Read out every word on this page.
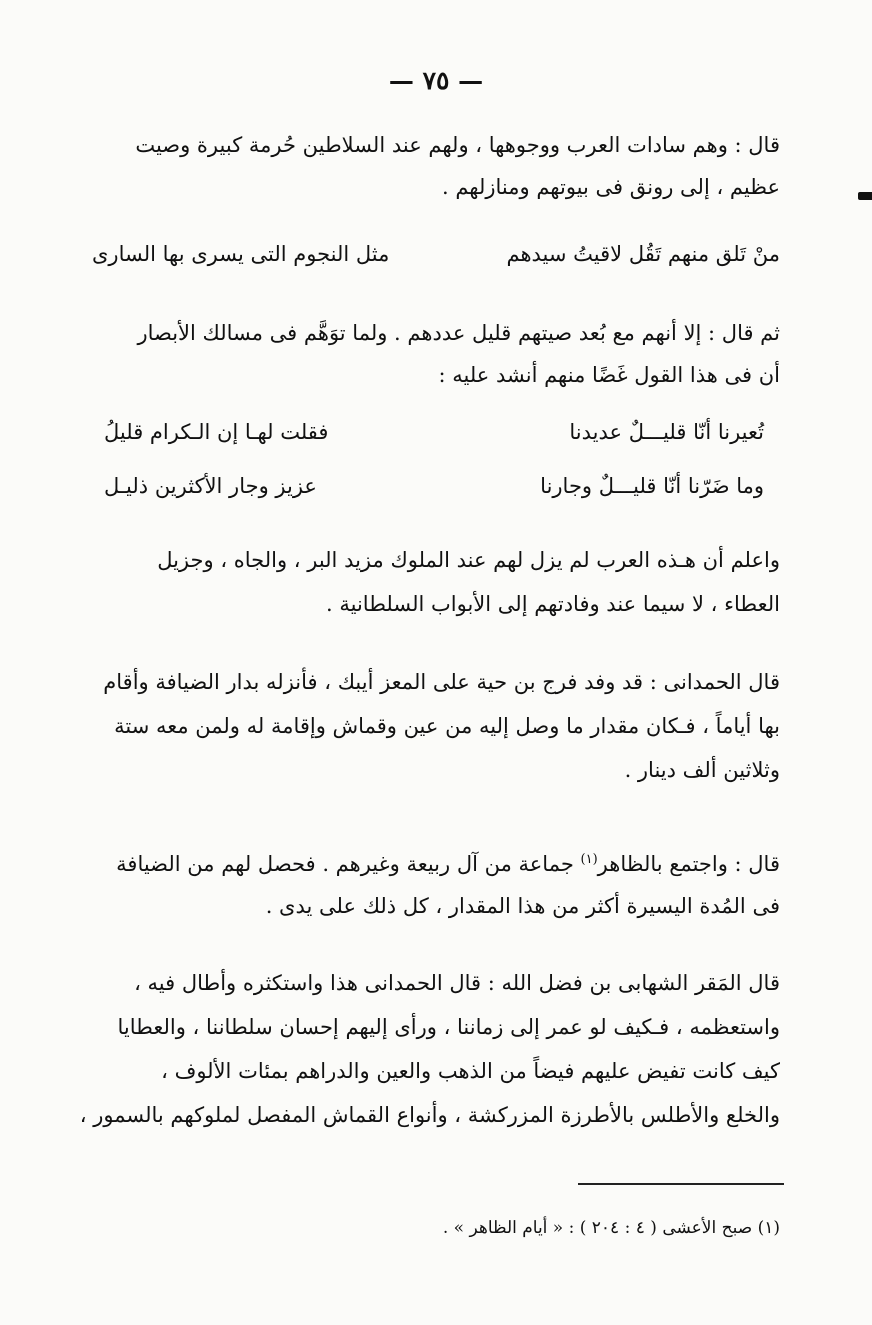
— ٧٥ —
قال : وهم سادات العرب ووجوهها ، ولهم عند السلاطين حُرمة كبيرة وصيت
عظيم ، إلى رونق فى بيوتهم ومنازلهم .
منْ تَلق منهم تَقُل لاقيتُ سيدهم
مثل النجوم التى يسرى بها السارى
ثم قال : إلا أنهم مع بُعد صيتهم قليل عددهم . ولما توَهَّم فى مسالك الأبصار
أن فى هذا القول غَضًا منهم أنشد عليه :
تُعيرنا أنّا قليـــلٌ عديدنا
فقلت لهـا إن الـكرام قليلُ
وما ضَرّنا أنّا قليـــلٌ وجارنا
عزيز وجار الأكثرين ذليـل
واعلم أن هـذه العرب لم يزل لهم عند الملوك مزيد البر ، والجاه ، وجزيل
العطاء ، لا سيما عند وفادتهم إلى الأبواب السلطانية .
قال الحمدانى : قد وفد فرج بن حية على المعز أيبك ، فأنزله بدار الضيافة وأقام
بها أياماً ، فـكان مقدار ما وصل إليه من عين وقماش وإقامة له ولمن معه ستة
وثلاثين ألف دينار .
قال : واجتمع بالظاهر$^{(١)}$ جماعة من آل ربيعة وغيرهم . فحصل لهم من الضيافة
فى المُدة اليسيرة أكثر من هذا المقدار ، كل ذلك على يدى .
قال المَقر الشهابى بن فضل الله : قال الحمدانى هذا واستكثره وأطال فيه ،
واستعظمه ، فـكيف لو عمر إلى زماننا ، ورأى إليهم إحسان سلطاننا ، والعطايا
كيف كانت تفيض عليهم فيضاً من الذهب والعين والدراهم بمئات الألوف ،
والخلع والأطلس بالأطرزة المزركشة ، وأنواع القماش المفصل لملوكهم بالسمور ،
(١) صبح الأعشى ( ٤ : ٢٠٤ ) : « أيام الظاهر » .
